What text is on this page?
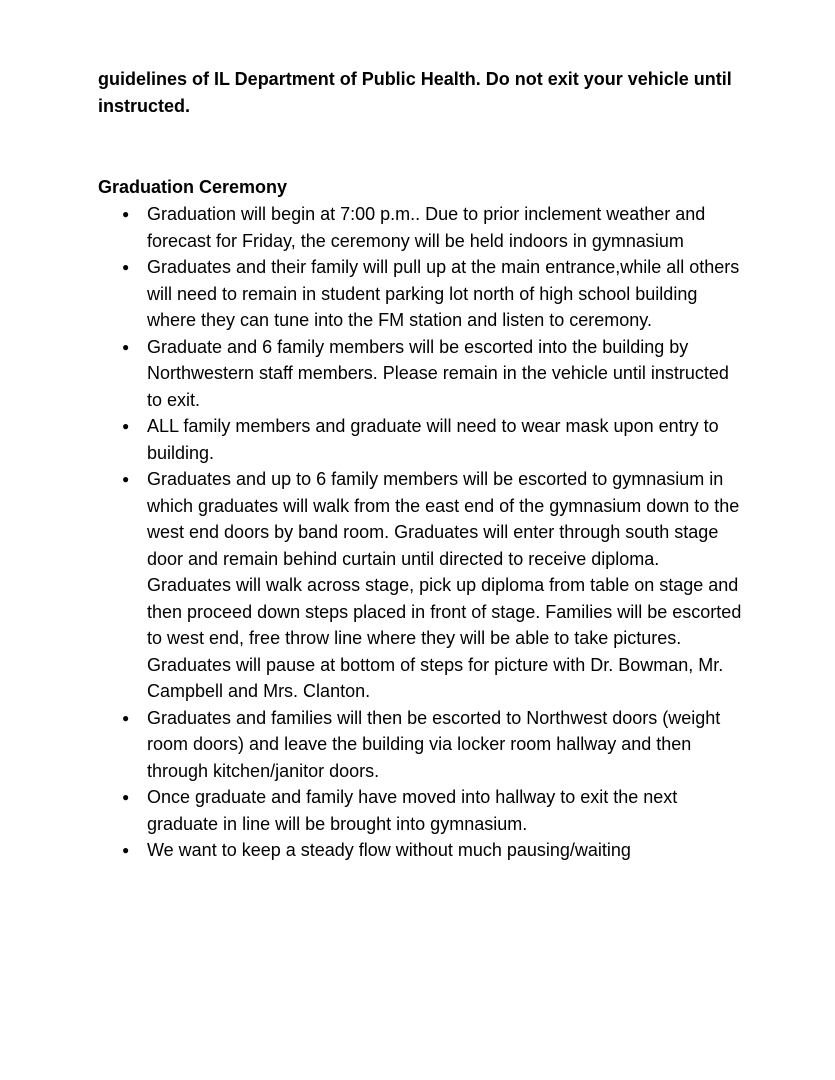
guidelines of IL Department of Public Health. Do not exit your vehicle until instructed.

Graduation Ceremony
● Graduation will begin at 7:00 p.m.. Due to prior inclement weather and forecast for Friday, the ceremony will be held indoors in gymnasium
● Graduates and their family will pull up at the main entrance,while all others will need to remain in student parking lot north of high school building where they can tune into the FM station and listen to ceremony.
● Graduate and 6 family members will be escorted into the building by Northwestern staff members. Please remain in the vehicle until instructed to exit.
● ALL family members and graduate will need to wear mask upon entry to building.
● Graduates and up to 6 family members will be escorted to gymnasium in which graduates will walk from the east end of the gymnasium down to the west end doors by band room. Graduates will enter through south stage door and remain behind curtain until directed to receive diploma. Graduates will walk across stage, pick up diploma from table on stage and then proceed down steps placed in front of stage. Families will be escorted to west end, free throw line where they will be able to take pictures. Graduates will pause at bottom of steps for picture with Dr. Bowman, Mr. Campbell and Mrs. Clanton.
● Graduates and families will then be escorted to Northwest doors (weight room doors) and leave the building via locker room hallway and then through kitchen/janitor doors.
● Once graduate and family have moved into hallway to exit the next graduate in line will be brought into gymnasium.
● We want to keep a steady flow without much pausing/waiting
